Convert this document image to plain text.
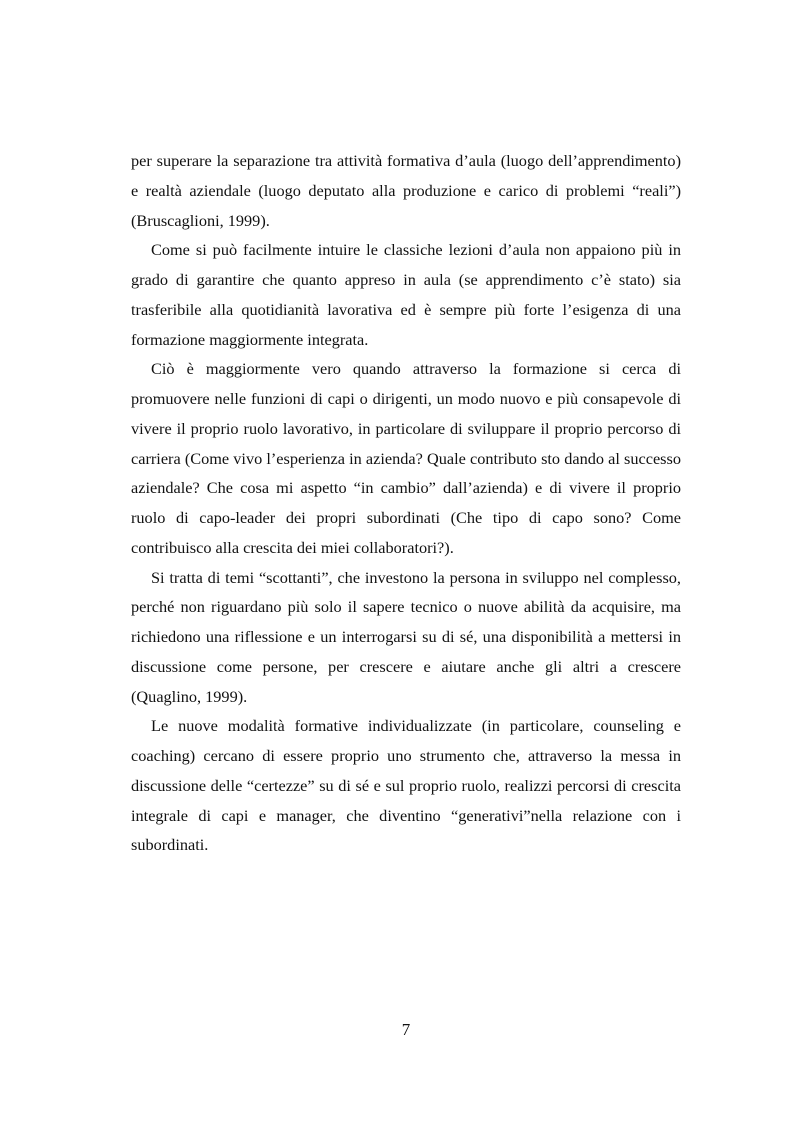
per superare la separazione tra attività formativa d’aula (luogo dell’apprendimento) e realtà aziendale (luogo deputato alla produzione e carico di problemi “reali”) (Bruscaglioni, 1999).

Come si può facilmente intuire le classiche lezioni d’aula non appaiono più in grado di garantire che quanto appreso in aula (se apprendimento c’è stato) sia trasferibile alla quotidianità lavorativa ed è sempre più forte l’esigenza di una formazione maggiormente integrata.

Ciò è maggiormente vero quando attraverso la formazione si cerca di promuovere nelle funzioni di capi o dirigenti, un modo nuovo e più consapevole di vivere il proprio ruolo lavorativo, in particolare di sviluppare il proprio percorso di carriera (Come vivo l’esperienza in azienda? Quale contributo sto dando al successo aziendale? Che cosa mi aspetto “in cambio” dall’azienda) e di vivere il proprio ruolo di capo-leader dei propri subordinati (Che tipo di capo sono? Come contribuisco alla crescita dei miei collaboratori?).

Si tratta di temi “scottanti”, che investono la persona in sviluppo nel complesso, perché non riguardano più solo il sapere tecnico o nuove abilità da acquisire, ma richiedono una riflessione e un interrogarsi su di sé, una disponibilità a mettersi in discussione come persone, per crescere e aiutare anche gli altri a crescere (Quaglino, 1999).

Le nuove modalità formative individualizzate (in particolare, counseling e coaching) cercano di essere proprio uno strumento che, attraverso la messa in discussione delle “certezze” su di sé e sul proprio ruolo, realizzi percorsi di crescita integrale di capi e manager, che diventino “generativi”nella relazione con i subordinati.

7
